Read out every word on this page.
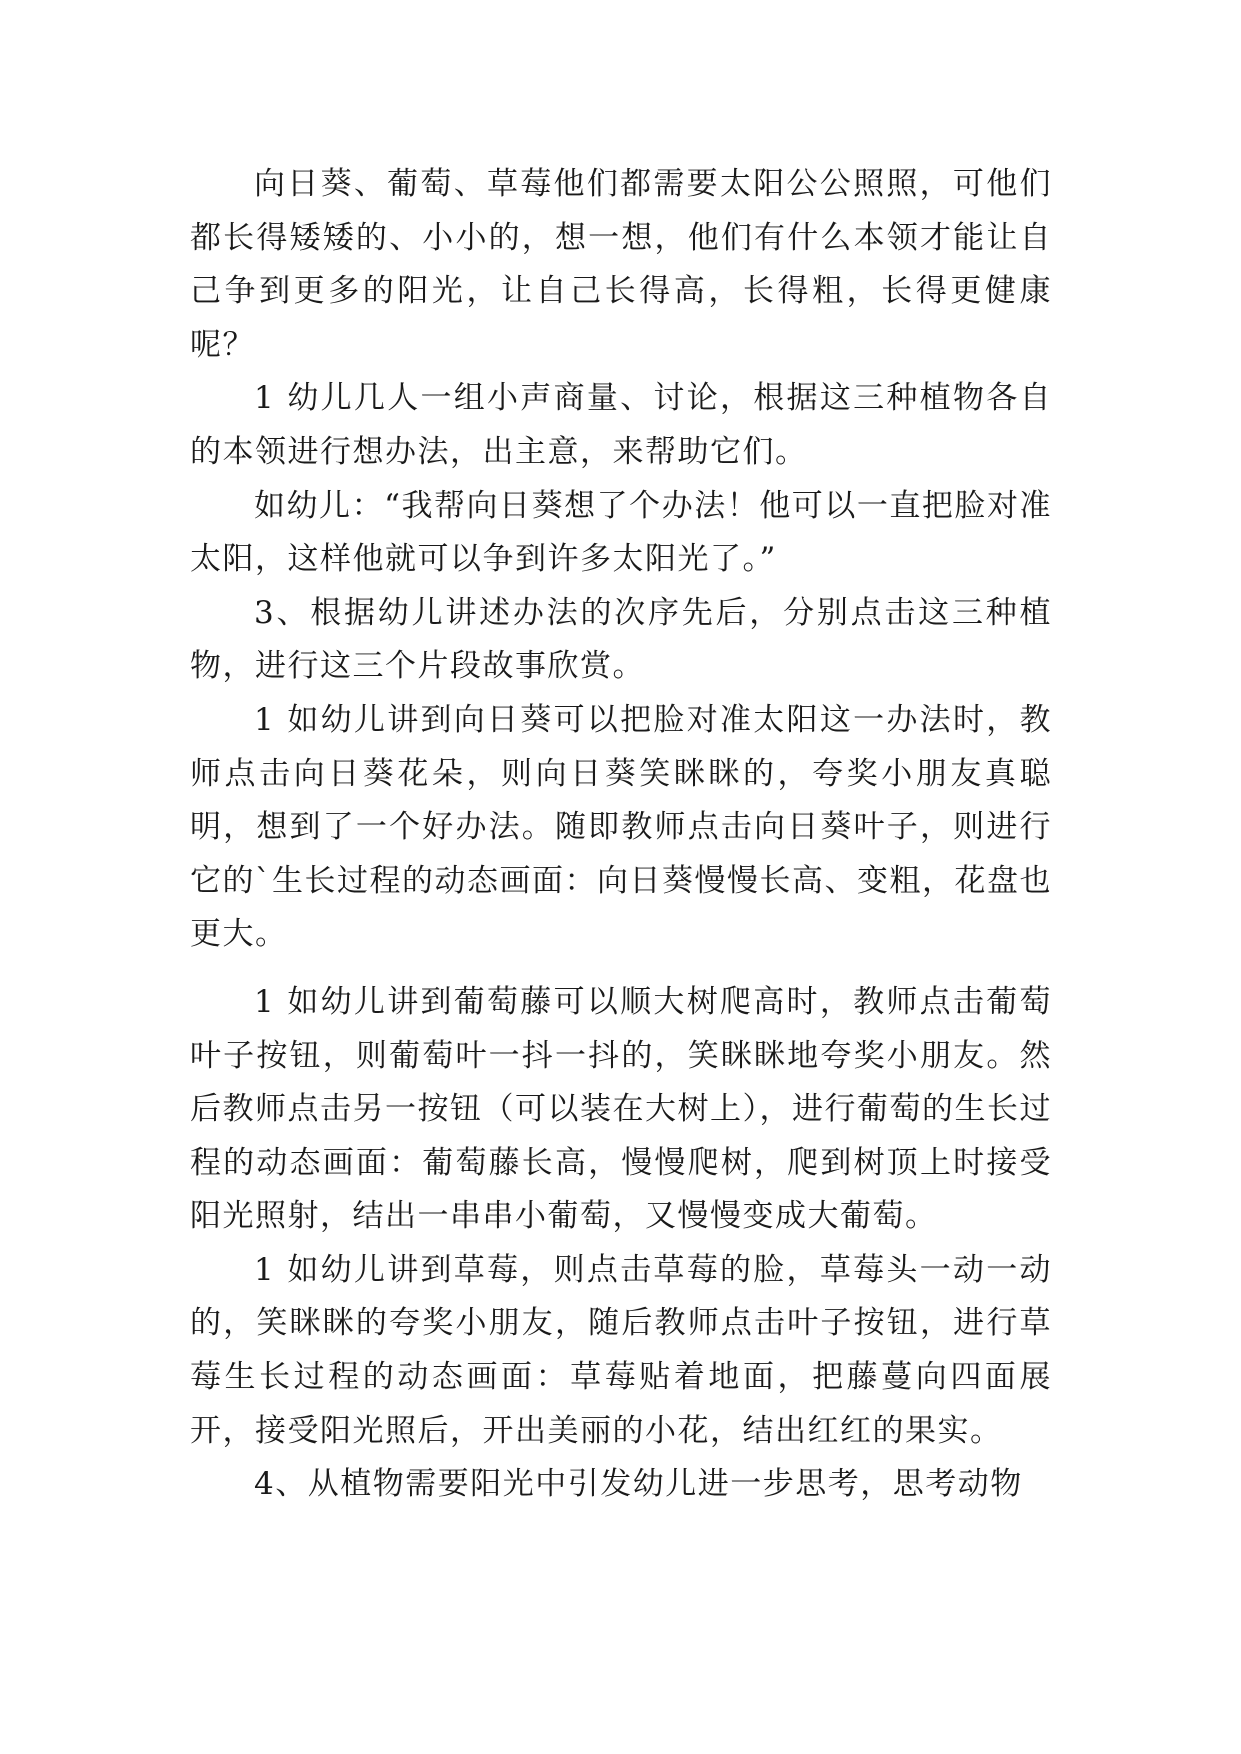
向日葵、葡萄、草莓他们都需要太阳公公照照，可他们都长得矮矮的、小小的，想一想，他们有什么本领才能让自己争到更多的阳光，让自己长得高，长得粗，长得更健康呢？

1 幼儿几人一组小声商量、讨论，根据这三种植物各自的本领进行想办法，出主意，来帮助它们。

如幼儿：“我帮向日葵想了个办法！他可以一直把脸对准太阳，这样他就可以争到许多太阳光了。”

3、根据幼儿讲述办法的次序先后，分别点击这三种植物，进行这三个片段故事欣赏。

1 如幼儿讲到向日葵可以把脸对准太阳这一办法时，教师点击向日葵花朵，则向日葵笑眯眯的，夸奖小朋友真聪明，想到了一个好办法。随即教师点击向日葵叶子，则进行它的`生长过程的动态画面：向日葵慢慢长高、变粗，花盘也更大。

1 如幼儿讲到葡萄藤可以顺大树爬高时，教师点击葡萄叶子按钮，则葡萄叶一抖一抖的，笑眯眯地夸奖小朋友。然后教师点击另一按钮（可以装在大树上），进行葡萄的生长过程的动态画面：葡萄藤长高，慢慢爬树，爬到树顶上时接受阳光照射，结出一串串小葡萄，又慢慢变成大葡萄。

1 如幼儿讲到草莓，则点击草莓的脸，草莓头一动一动的，笑眯眯的夸奖小朋友，随后教师点击叶子按钮，进行草莓生长过程的动态画面：草莓贴着地面，把藤蔓向四面展开，接受阳光照后，开出美丽的小花，结出红红的果实。

4、从植物需要阳光中引发幼儿进一步思考，思考动物
